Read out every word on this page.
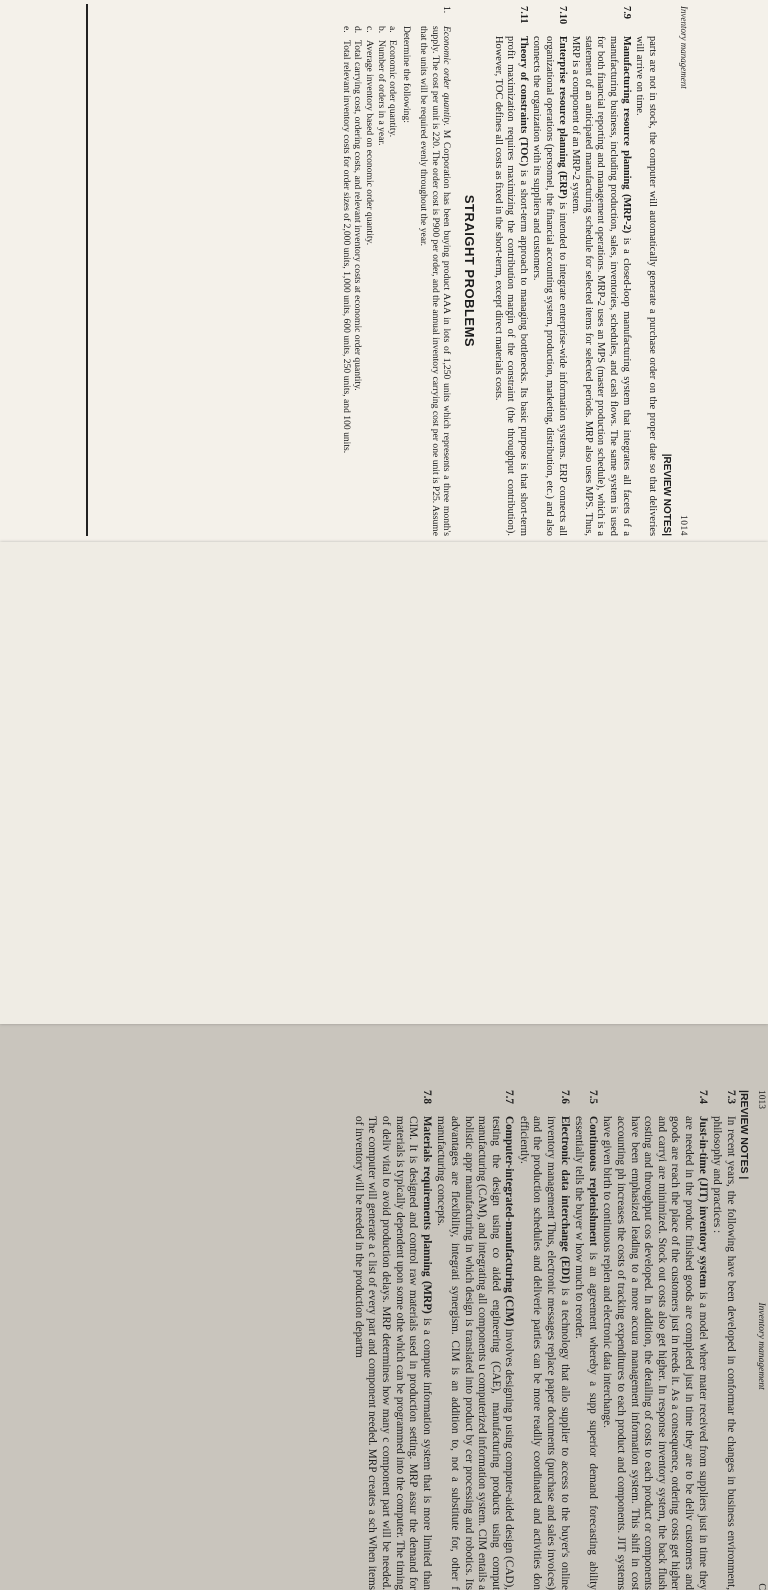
Inventory management
1014
|REVIEW NOTES|
parts are not in stock, the computer will automatically generate a purchase order on the proper date so that deliveries will arrive on time.
7.9
Manufacturing resource planning (MRP-2) is a closed-loop manufacturing system that integrates all facets of a manufacturing business, including production, sales, inventories, schedules, and cash flows. The same system is used for both financial reporting and management operations. MRP-2 uses an MPS (master production schedule), which is a statement of an anticipated manufacturing schedule for selected items for selected periods. MRP also uses MPS. Thus, MRP is a component of an MRP-2 system.
7.10
Enterprise resource planning (ERP) is intended to integrate enterprise-wide information systems. ERP connects all organizational operations (personnel, the financial accounting system, production, marketing, distribution, etc.) and also connects the organization with its suppliers and customers.
7.11
Theory of constraints (TOC) is a short-term approach to managing bottlenecks. Its basic purpose is that short-term profit maximization requires maximizing the contribution margin of the constraint (the throughput contribution). However, TOC defines all costs as fixed in the short-term, except direct materials costs.
STRAIGHT PROBLEMS
1.
Economic order quantity. M Corporation has been buying product AAA in lots of 1,250 units which represents a three month's supply. The cost per unit is 220. The order cost is P900 per order, and the annual inventory carrying cost per one unit is P25. Assume that the units will be required evenly throughout the year.
Determine the following:
a.
Economic order quantity.
b.
Number of orders in a year.
c.
Average inventory based on economic order quantity.
d.
Total carrying cost, ordering costs, and relevant inventory costs at economic order quantity.
e.
Total relevant inventory costs for order sizes of 2,000 units, 1,000 units, 600 units, 250 units, and 100 units.
1013
Inventory management
C
|REVIEW NOTES |
7.3
In recent years, the following have been developed in conformar the changes in business environment, philosophy and practices :
7.4
Just-in-time (JIT) inventory system is a model where mater received from suppliers just in time they are needed in the produc finished goods are completed just in time they are to be deliv customers and goods are reach the place of the customers just in needs it. As a consequence, ordering costs get higher and carryi are minimized. Stock out costs also get higher. In response inventory system, the back flush costing and throughput cos developed. In addition, the detailing of costs to each product or components have been emphasized leading to a more accura management information system. This shift in cost accounting ph increases the costs of tracking expenditures to each product and components. JIT systems have given birth to continuous replen and electronic data interchange.
7.5
Continuous replenishment is an agreement whereby a supp superior demand forecasting ability essentially tells the buyer w how much to reorder.
7.6
Electronic data interchange (EDI) is a technology that allo supplier to access to the buyer's online inventory management Thus, electronic messages replace paper documents (purchase and sales invoices) and the production schedules and deliverie parties can be more readily coordinated and activities don efficiently.
7.7
Computer-integrated-manufacturing (CIM) involves designing p using computer-aided design (CAD), testing the design using co aided engineering (CAE), manufacturing products using comput manufacturing (CAM), and integrating all components u computerized information system. CIM entails a holistic appr manufacturing in which design is translated into product by cer processing and robotics. Its advantages are flexibility, integrati synergism. CIM is an addition to, not a substitute for, other f manufacturing concepts.
7.8
Materials requirements planning (MRP) is a compute information system that is more limited than CIM. It is designed and control raw materials used in production setting. MRP assur the demand for materials is typically dependent upon some othe which can be programmed into the computer. The timing of deliv vital to avoid production delays. MRP determines how many c component part will be needed. The computer will generate a c list of every part and component needed. MRP creates a sch When items of inventory will be needed in the production departm
